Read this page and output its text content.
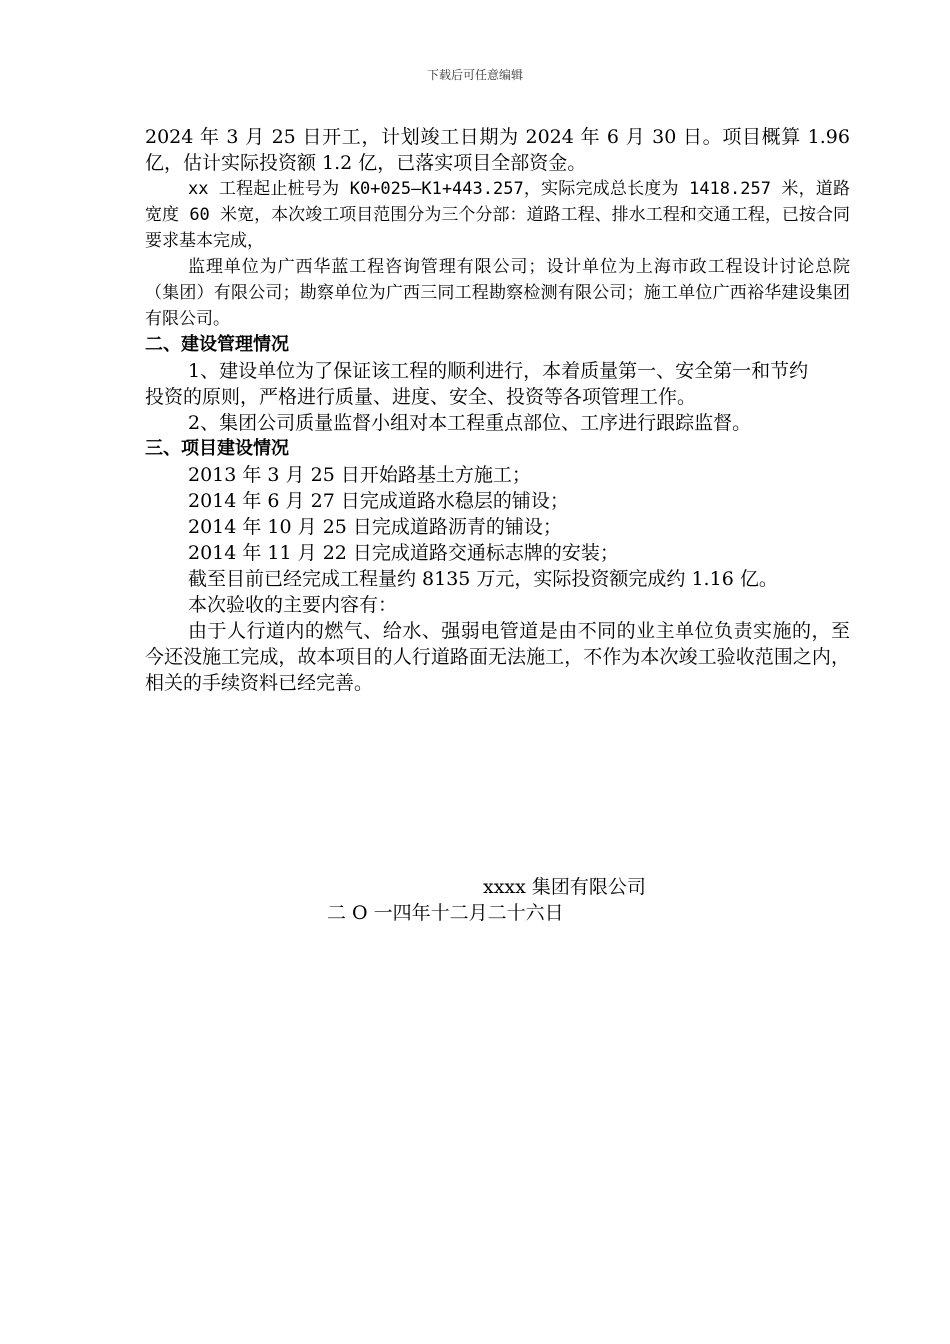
下载后可任意编辑

2024 年 3 月 25 日开工，计划竣工日期为 2024 年 6 月 30 日。项目概算 1.96 亿，估计实际投资额 1.2 亿，已落实项目全部资金。

xx 工程起止桩号为 K0+025—K1+443.257，实际完成总长度为 1418.257 米，道路宽度 60 米宽，本次竣工项目范围分为三个分部：道路工程、排水工程和交通工程，已按合同要求基本完成，

监理单位为广西华蓝工程咨询管理有限公司；设计单位为上海市政工程设计讨论总院（集团）有限公司；勘察单位为广西三同工程勘察检测有限公司；施工单位广西裕华建设集团有限公司。

二、建设管理情况

1、建设单位为了保证该工程的顺利进行，本着质量第一、安全第一和节约投资的原则，严格进行质量、进度、安全、投资等各项管理工作。

2、集团公司质量监督小组对本工程重点部位、工序进行跟踪监督。

三、项目建设情况

2013 年 3 月 25 日开始路基土方施工；

2014 年 6 月 27 日完成道路水稳层的铺设；

2014 年 10 月 25 日完成道路沥青的铺设；

2014 年 11 月 22 日完成道路交通标志牌的安装；

截至目前已经完成工程量约 8135 万元，实际投资额完成约 1.16 亿。

本次验收的主要内容有：

由于人行道内的燃气、给水、强弱电管道是由不同的业主单位负责实施的，至今还没施工完成，故本项目的人行道路面无法施工，不作为本次竣工验收范围之内，相关的手续资料已经完善。

xxxx 集团有限公司
二 O 一四年十二月二十六日
